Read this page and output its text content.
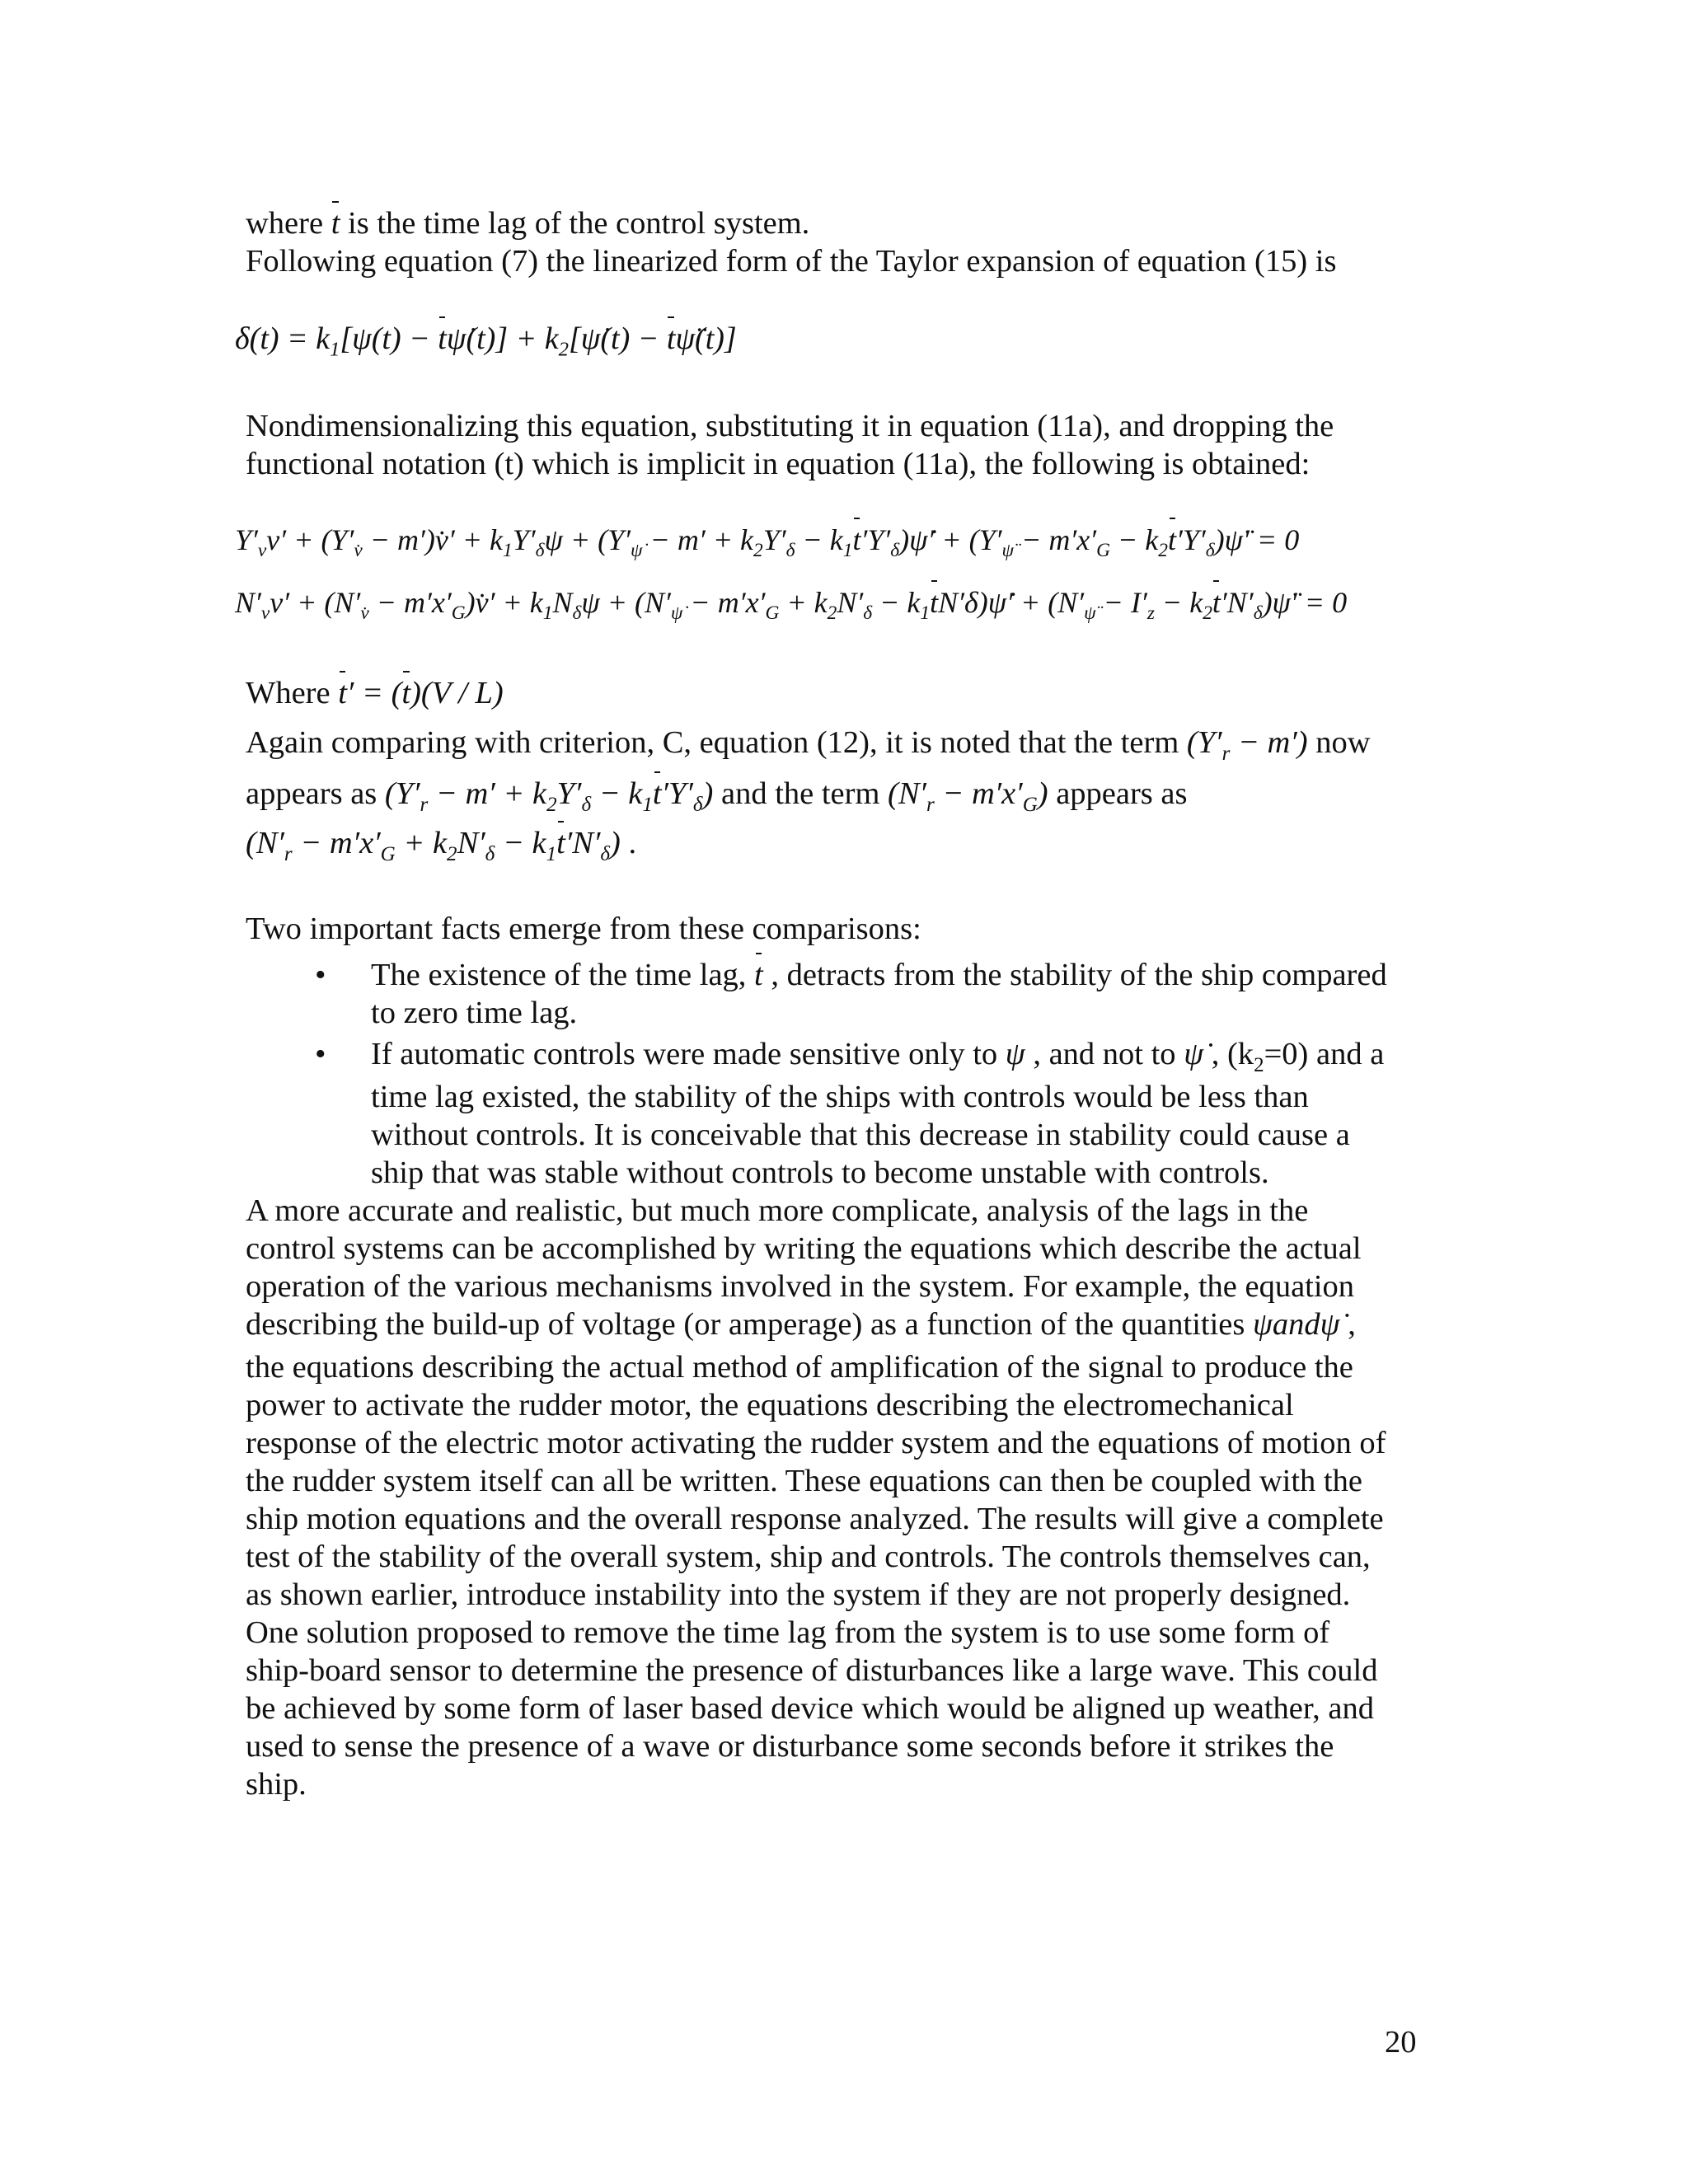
where t is the time lag of the control system.
Following equation (7) the linearized form of the Taylor expansion of equation (15) is
$\delta(t) = k_1[\psi(t)$ − tψ̇(t)] + $k_2[\psi̇(t)$ − tψ̈(t)]
Nondimensionalizing this equation, substituting it in equation (11a), and dropping the
functional notation (t) which is implicit in equation (11a), the following is obtained:
$Y'_vv' + (Y'_{v̇}$ − m′)v̇′ + $k_1Y'_\delta\psi + (Y'_{\psi̇} - m' + k_2Y'_\delta$ − $k_1t'Y'_\delta)\psi̇' + (Y'_{\psï} - m'x'_G$ − $k_2t'Y'_\delta)\psï' = 0$
$N'_vv' + (N'_{v̇}$ − $m'x'_G)v̇' + k_1N_\delta\psi + (N'_{\psi̇} - m'x'_G + k_2N'_\delta$ − $k_1tN'\delta)\psi̇' + (N'_{\psï} - I'_z$ − $k_2t'N'_\delta)\psï' = 0$
Where t′ = (t)(V / L)
Again comparing with criterion, C, equation (12), it is noted that the term $(Y'_r - m')$ now
appears as $(Y'_r - m' + k_2Y'_\delta - k_1t'Y'_\delta)$ and the term $(N'_r - m'x'_G)$ appears as
$(N'_r - m'x'_G + k_2N'_\delta - k_1t'N'_\delta)$ .
Two important facts emerge from these comparisons:
• The existence of the time lag, t , detracts from the stability of the ship compared
to zero time lag.
• If automatic controls were made sensitive only to ψ , and not to ψ̇ , $(k_2=0)$ and a
time lag existed, the stability of the ships with controls would be less than
without controls. It is conceivable that this decrease in stability could cause a
ship that was stable without controls to become unstable with controls.
A more accurate and realistic, but much more complicate, analysis of the lags in the
control systems can be accomplished by writing the equations which describe the actual
operation of the various mechanisms involved in the system. For example, the equation
describing the build-up of voltage (or amperage) as a function of the quantities ψandψ̇ ,
the equations describing the actual method of amplification of the signal to produce the
power to activate the rudder motor, the equations describing the electromechanical
response of the electric motor activating the rudder system and the equations of motion of
the rudder system itself can all be written. These equations can then be coupled with the
ship motion equations and the overall response analyzed. The results will give a complete
test of the stability of the overall system, ship and controls. The controls themselves can,
as shown earlier, introduce instability into the system if they are not properly designed.
One solution proposed to remove the time lag from the system is to use some form of
ship-board sensor to determine the presence of disturbances like a large wave. This could
be achieved by some form of laser based device which would be aligned up weather, and
used to sense the presence of a wave or disturbance some seconds before it strikes the
ship.
20
